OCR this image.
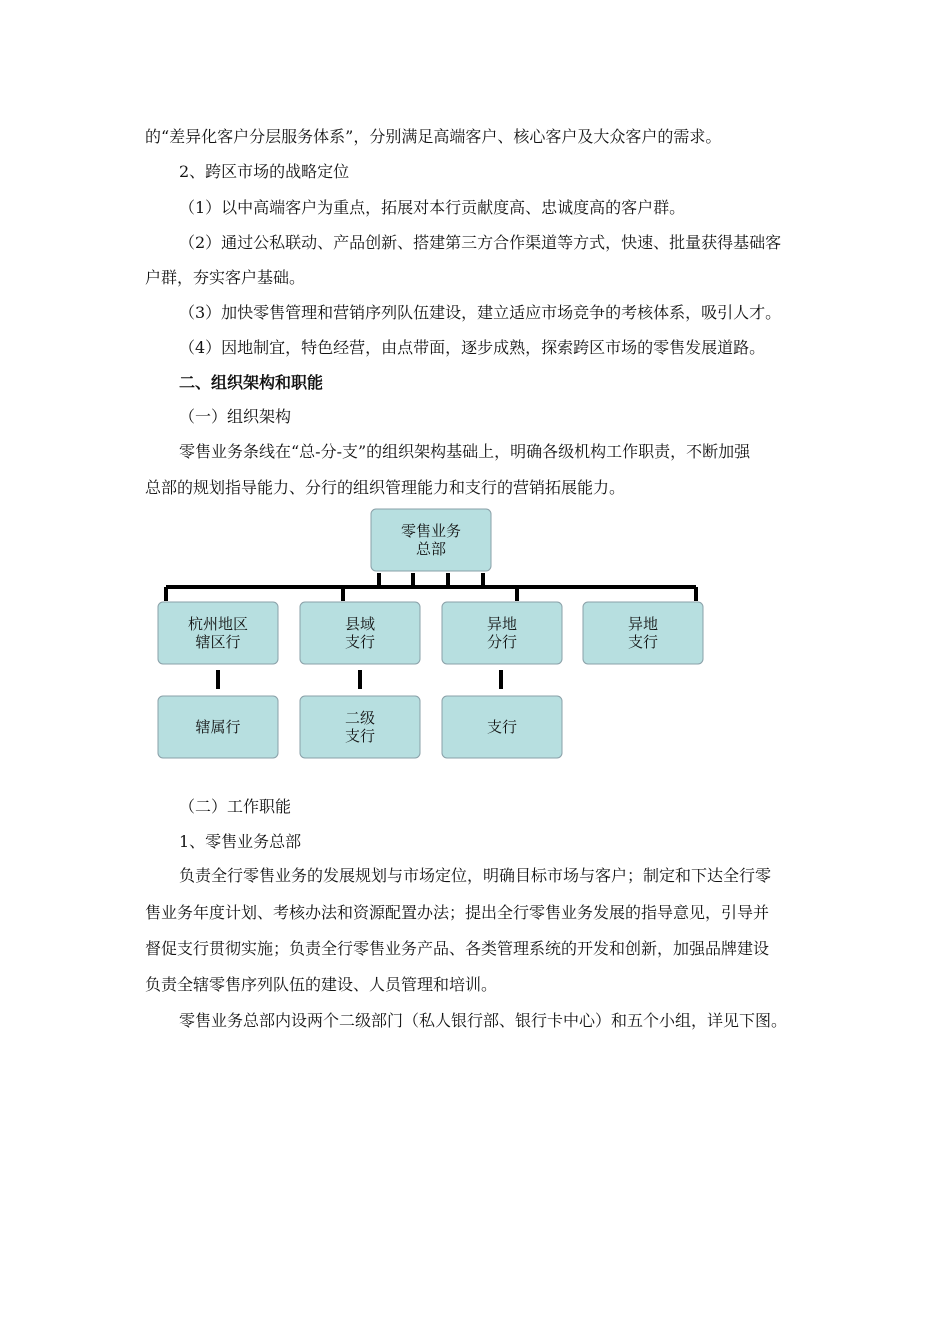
的“差异化客户分层服务体系”，分别满足高端客户、核心客户及大众客户的需求。
2、跨区市场的战略定位
（1）以中高端客户为重点，拓展对本行贡献度高、忠诚度高的客户群。
（2）通过公私联动、产品创新、搭建第三方合作渠道等方式，快速、批量获得基础客
户群，夯实客户基础。
（3）加快零售管理和营销序列队伍建设，建立适应市场竞争的考核体系，吸引人才。
（4）因地制宜，特色经营，由点带面，逐步成熟，探索跨区市场的零售发展道路。
二、组织架构和职能
（一）组织架构
零售业务条线在“总-分-支”的组织架构基础上，明确各级机构工作职责，不断加强
总部的规划指导能力、分行的组织管理能力和支行的营销拓展能力。
零售业务
总部
杭州地区
辖区行
县域
支行
异地
分行
异地
支行
辖属行	二级
支行	支行
（二）工作职能
1、零售业务总部
负责全行零售业务的发展规划与市场定位，明确目标市场与客户；制定和下达全行零
售业务年度计划、考核办法和资源配置办法；提出全行零售业务发展的指导意见，引导并
督促支行贯彻实施；负责全行零售业务产品、各类管理系统的开发和创新，加强品牌建设
负责全辖零售序列队伍的建设、人员管理和培训。
零售业务总部内设两个二级部门（私人银行部、银行卡中心）和五个小组，详见下图。
